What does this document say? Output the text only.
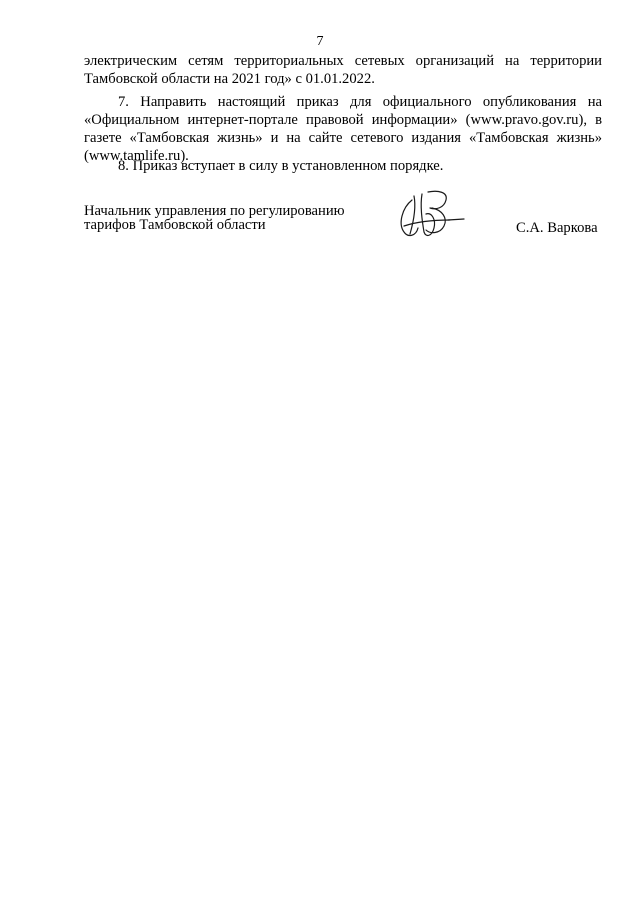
7
электрическим сетям территориальных сетевых организаций на территории
Тамбовской области на 2021 год» с 01.01.2022.
7. Направить настоящий приказ для официального опубликования на
«Официальном интернет-портале правовой информации» (www.pravo.gov.ru), в
газете «Тамбовская жизнь» и на сайте сетевого издания «Тамбовская жизнь»
(www.tamlife.ru).
8. Приказ вступает в силу в установленном порядке.
Начальник управления по регулированию
тарифов Тамбовской области	С.А. Варкова
